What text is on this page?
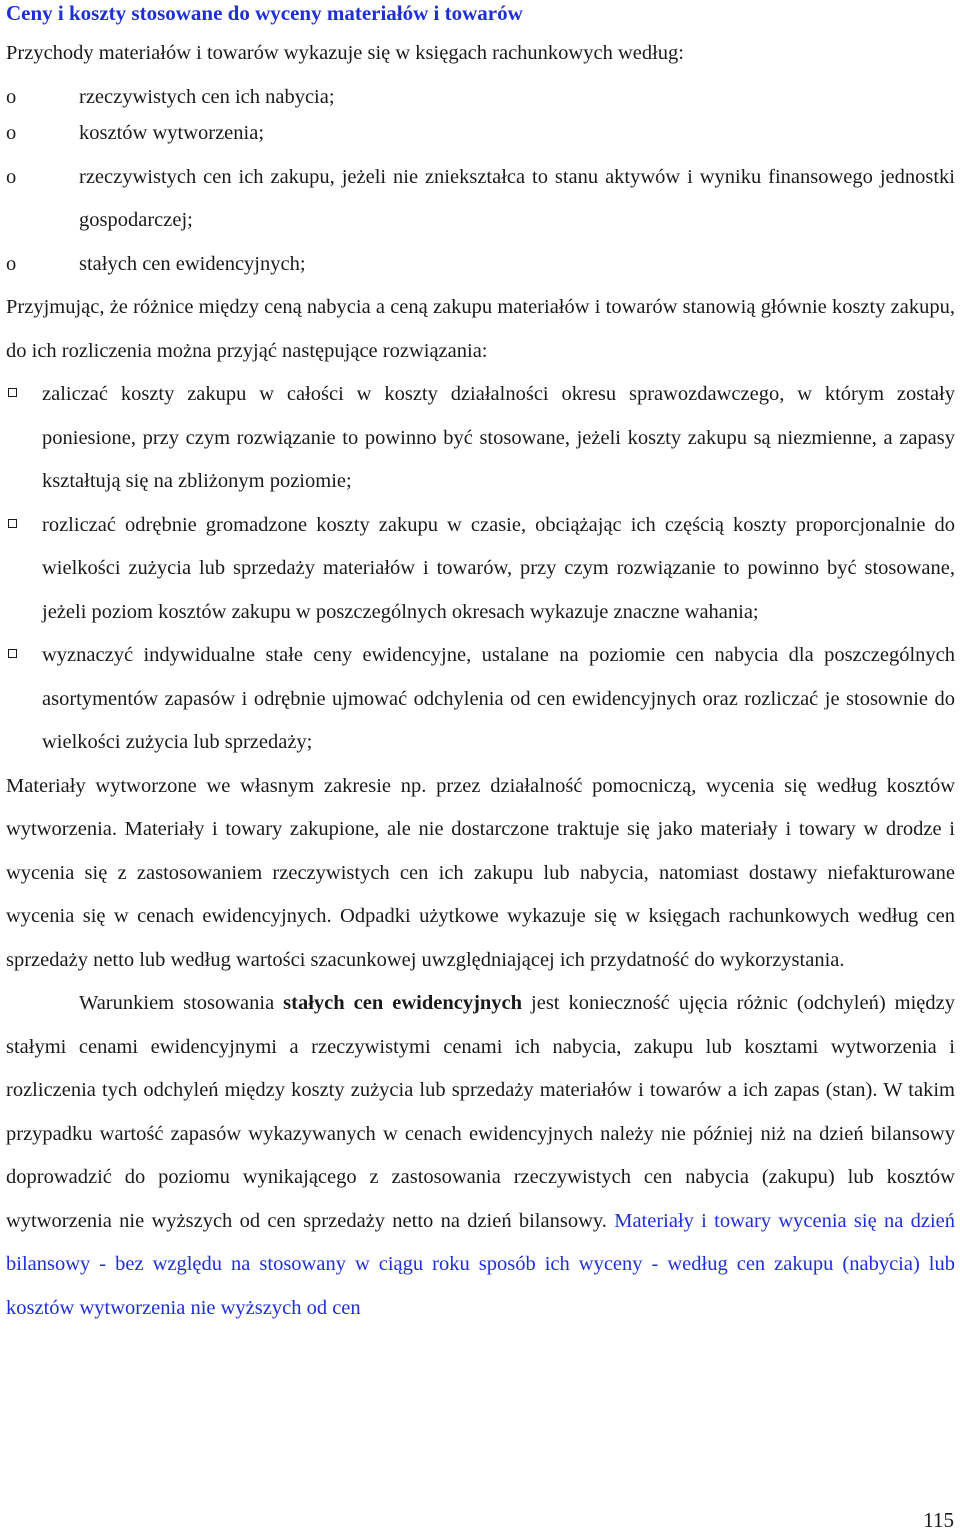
Ceny i koszty stosowane do wyceny materiałów i towarów

Przychody materiałów i towarów wykazuje się w księgach rachunkowych według:

o	rzeczywistych cen ich nabycia;
o	kosztów wytworzenia;
o	rzeczywistych cen ich zakupu, jeżeli nie zniekształca to stanu aktywów i wyniku finansowego jednostki gospodarczej;
o	stałych cen ewidencyjnych;

Przyjmując, że różnice między ceną nabycia a ceną zakupu materiałów i towarów stanowią głównie koszty zakupu, do ich rozliczenia można przyjąć następujące rozwiązania:

zaliczać koszty zakupu w całości w koszty działalności okresu sprawozdawczego, w którym zostały poniesione, przy czym rozwiązanie to powinno być stosowane, jeżeli koszty zakupu są niezmienne, a zapasy kształtują się na zbliżonym poziomie;
rozliczać odrębnie gromadzone koszty zakupu w czasie, obciążając ich częścią koszty proporcjonalnie do wielkości zużycia lub sprzedaży materiałów i towarów, przy czym rozwiązanie to powinno być stosowane, jeżeli poziom kosztów zakupu w poszczególnych okresach wykazuje znaczne wahania;
wyznaczyć indywidualne stałe ceny ewidencyjne, ustalane na poziomie cen nabycia dla poszczególnych asortymentów zapasów i odrębnie ujmować odchylenia od cen ewidencyjnych oraz rozliczać je stosownie do wielkości zużycia lub sprzedaży;

Materiały wytworzone we własnym zakresie np. przez działalność pomocniczą, wycenia się według kosztów wytworzenia. Materiały i towary zakupione, ale nie dostarczone traktuje się jako materiały i towary w drodze i wycenia się z zastosowaniem rzeczywistych cen ich zakupu lub nabycia, natomiast dostawy niefakturowane wycenia się w cenach ewidencyjnych. Odpadki użytkowe wykazuje się w księgach rachunkowych według cen sprzedaży netto lub według wartości szacunkowej uwzględniającej ich przydatność do wykorzystania.

Warunkiem stosowania stałych cen ewidencyjnych jest konieczność ujęcia różnic (odchyleń) między stałymi cenami ewidencyjnymi a rzeczywistymi cenami ich nabycia, zakupu lub kosztami wytworzenia i rozliczenia tych odchyleń między koszty zużycia lub sprzedaży materiałów i towarów a ich zapas (stan). W takim przypadku wartość zapasów wykazywanych w cenach ewidencyjnych należy nie później niż na dzień bilansowy doprowadzić do poziomu wynikającego z zastosowania rzeczywistych cen nabycia (zakupu) lub kosztów wytworzenia nie wyższych od cen sprzedaży netto na dzień bilansowy. Materiały i towary wycenia się na dzień bilansowy - bez względu na stosowany w ciągu roku sposób ich wyceny - według cen zakupu (nabycia) lub kosztów wytworzenia nie wyższych od cen

115
